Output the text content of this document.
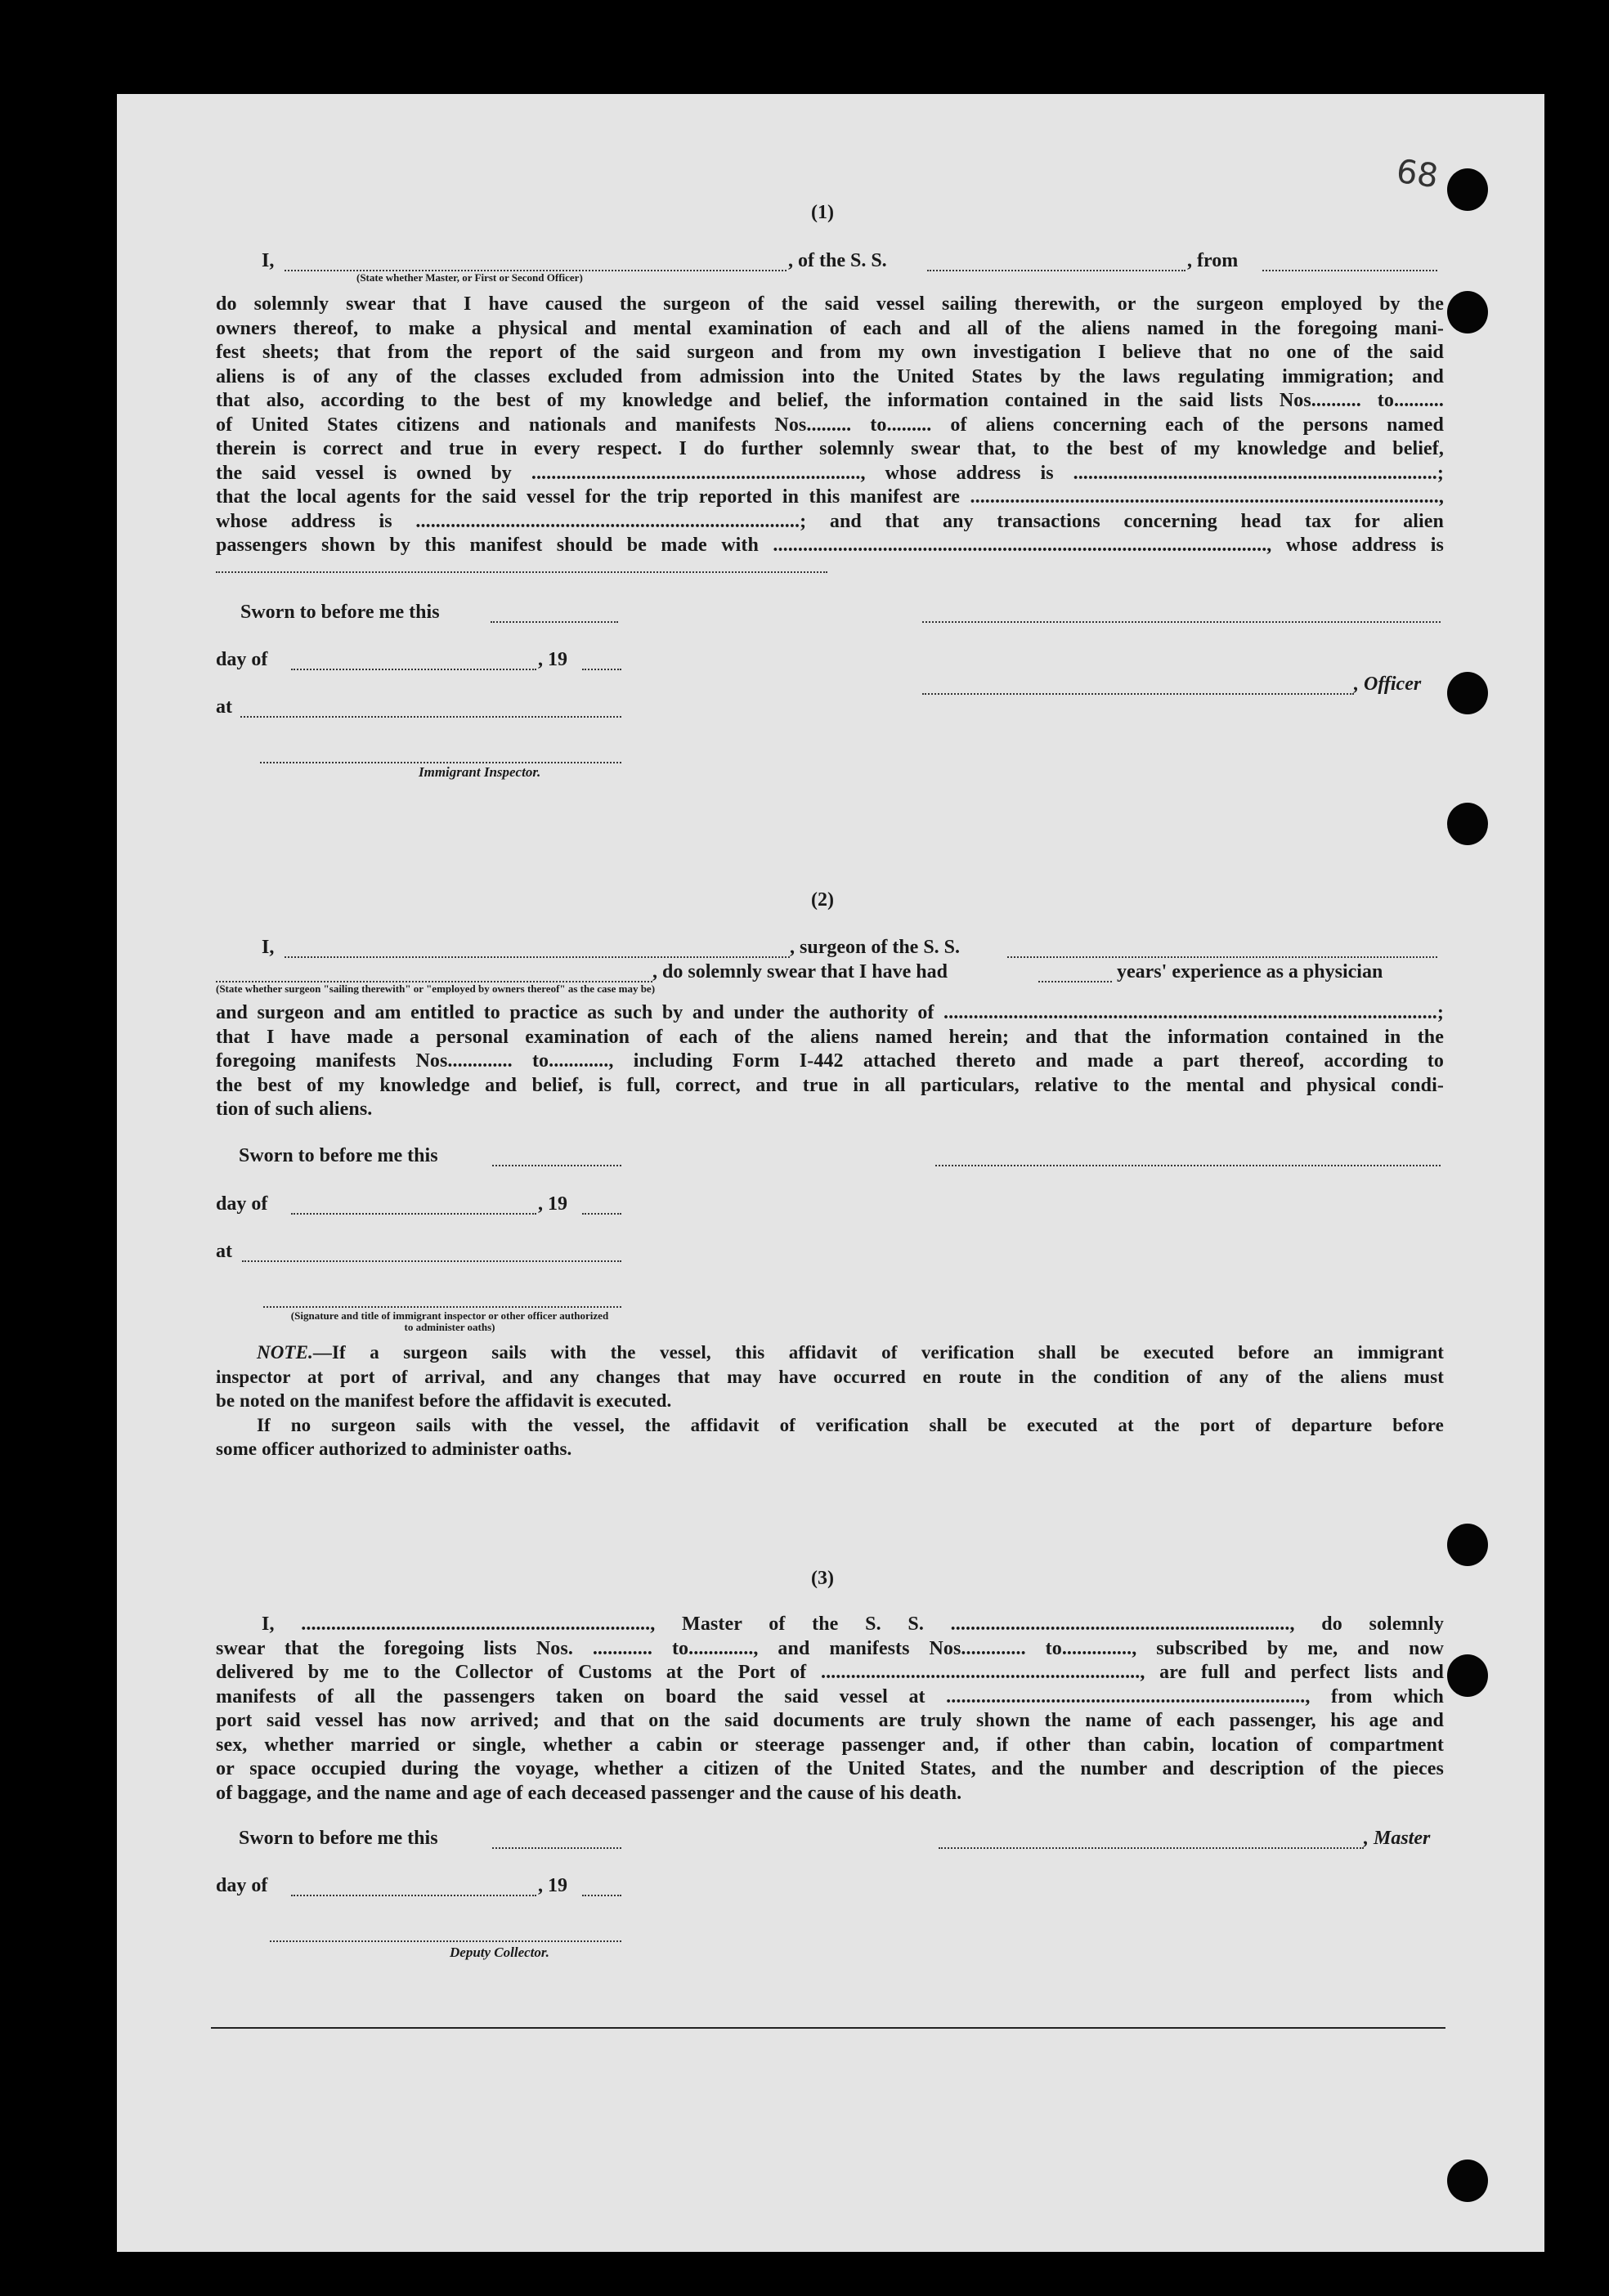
68
(1)
I,	, of the S. S.	, from
(State whether Master, or First or Second Officer)

do solemnly swear that I have caused the surgeon of the said vessel sailing therewith, or the surgeon employed by the

owners thereof, to make a physical and mental examination of each and all of the aliens named in the foregoing mani-

fest sheets; that from the report of the said surgeon and from my own investigation I believe that no one of the said

aliens is of any of the classes excluded from admission into the United States by the laws regulating immigration; and

that also, according to the best of my knowledge and belief, the information contained in the said lists Nos.......... to..........

of United States citizens and nationals and manifests Nos......... to......... of aliens concerning each of the persons named

therein is correct and true in every respect. I do further solemnly swear that, to the best of my knowledge and belief,

the said vessel is owned by .................................................................., whose address is .........................................................................;

that the local agents for the said vessel for the trip reported in this manifest are ..............................................................................................,

whose address is .............................................................................; and that any transactions concerning head tax for alien

passengers shown by this manifest should be made with ..................................................................................................., whose address is

Sworn to before me this
day of	, 19
, Officer
at
Immigrant Inspector.
(2)
I,	, surgeon of the S. S.
, do solemnly swear that I have had	years' experience as a physician
(State whether surgeon "sailing therewith" or "employed by owners thereof" as the case may be)

and surgeon and am entitled to practice as such by and under the authority of ...................................................................................................;

that I have made a personal examination of each of the aliens named herein; and that the information contained in the

foregoing manifests Nos............. to............, including Form I-442 attached thereto and made a part thereof, according to

the best of my knowledge and belief, is full, correct, and true in all particulars, relative to the mental and physical condi-

tion of such aliens.

Sworn to before me this
day of	, 19
at
(Signature and title of immigrant inspector or other officer authorized to administer oaths)

NOTE.—If a surgeon sails with the vessel, this affidavit of verification shall be executed before an immigrant

inspector at port of arrival, and any changes that may have occurred en route in the condition of any of the aliens must

be noted on the manifest before the affidavit is executed.

If no surgeon sails with the vessel, the affidavit of verification shall be executed at the port of departure before

some officer authorized to administer oaths.

(3)

I, ......................................................................, Master of the S. S. ...................................................................., do solemnly

swear that the foregoing lists Nos. ............ to............., and manifests Nos............. to.............., subscribed by me, and now

delivered by me to the Collector of Customs at the Port of ................................................................, are full and perfect lists and

manifests of all the passengers taken on board the said vessel at ........................................................................, from which

port said vessel has now arrived; and that on the said documents are truly shown the name of each passenger, his age and

sex, whether married or single, whether a cabin or steerage passenger and, if other than cabin, location of compartment

or space occupied during the voyage, whether a citizen of the United States, and the number and description of the pieces

of baggage, and the name and age of each deceased passenger and the cause of his death.

Sworn to before me this	, Master
day of	, 19
Deputy Collector.
